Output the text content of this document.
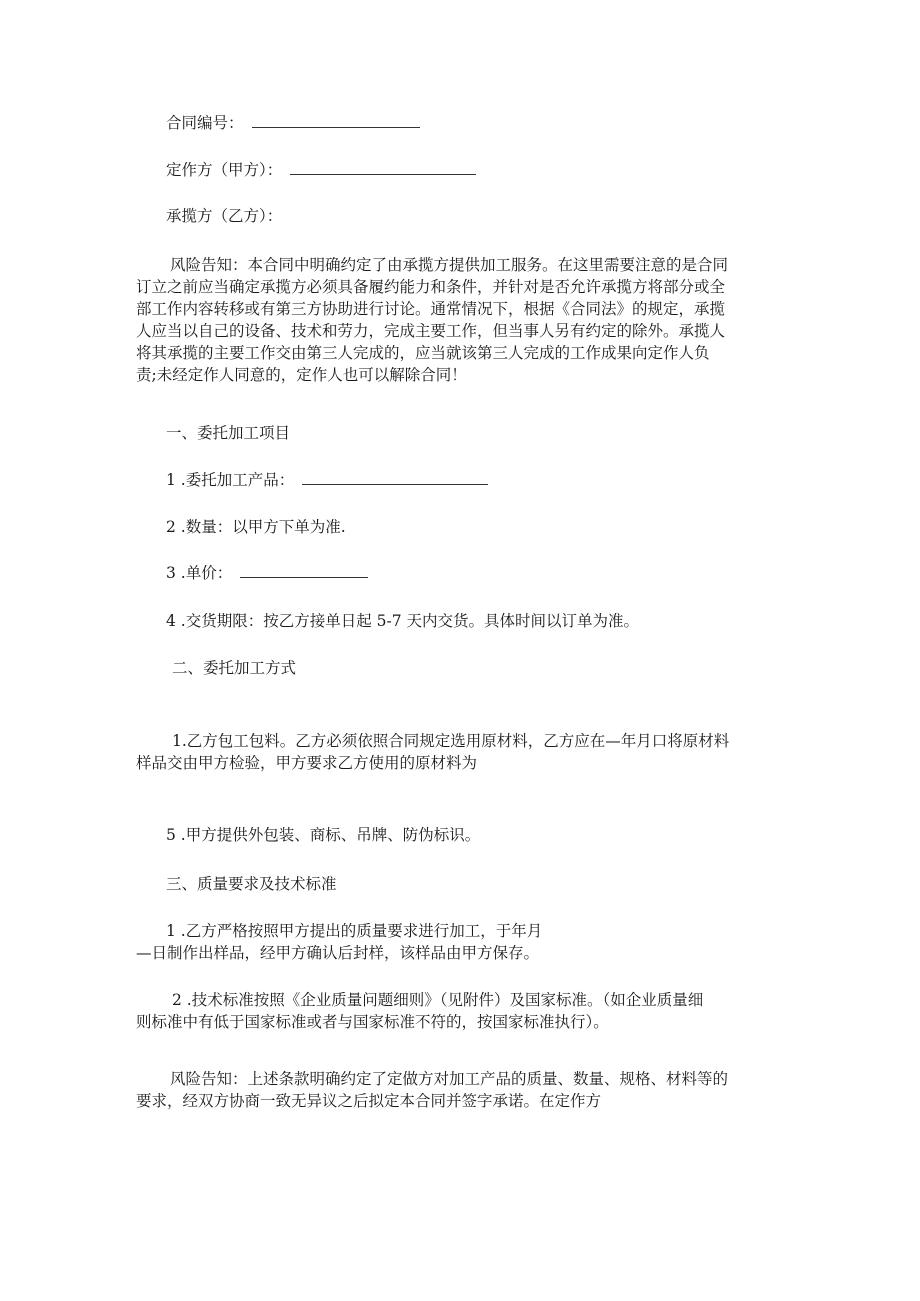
合同编号：
定作方（甲方）：
承揽方（乙方）：
风险告知：本合同中明确约定了由承揽方提供加工服务。在这里需要注意的是合同
订立之前应当确定承揽方必须具备履约能力和条件，并针对是否允许承揽方将部分或全
部工作内容转移或有第三方协助进行讨论。通常情况下，根据《合同法》的规定，承揽
人应当以自己的设备、技术和劳力，完成主要工作，但当事人另有约定的除外。承揽人
将其承揽的主要工作交由第三人完成的，应当就该第三人完成的工作成果向定作人负
责;未经定作人同意的，定作人也可以解除合同！
一、委托加工项目
1 .委托加工产品：
2 .数量：以甲方下单为准.
3 .单价：
4 .交货期限：按乙方接单日起 5-7 天内交货。具体时间以订单为准。
二、委托加工方式
1.乙方包工包料。乙方必须依照合同规定选用原材料，乙方应在—年月口将原材料
样品交由甲方检验，甲方要求乙方使用的原材料为
5 .甲方提供外包装、商标、吊牌、防伪标识。
三、质量要求及技术标准
1 .乙方严格按照甲方提出的质量要求进行加工，于年月
—日制作出样品，经甲方确认后封样，该样品由甲方保存。
2 .技术标准按照《企业质量问题细则》（见附件）及国家标准。（如企业质量细
则标准中有低于国家标准或者与国家标准不符的，按国家标准执行）。
风险告知：上述条款明确约定了定做方对加工产品的质量、数量、规格、材料等的
要求，经双方协商一致无异议之后拟定本合同并签字承诺。在定作方
